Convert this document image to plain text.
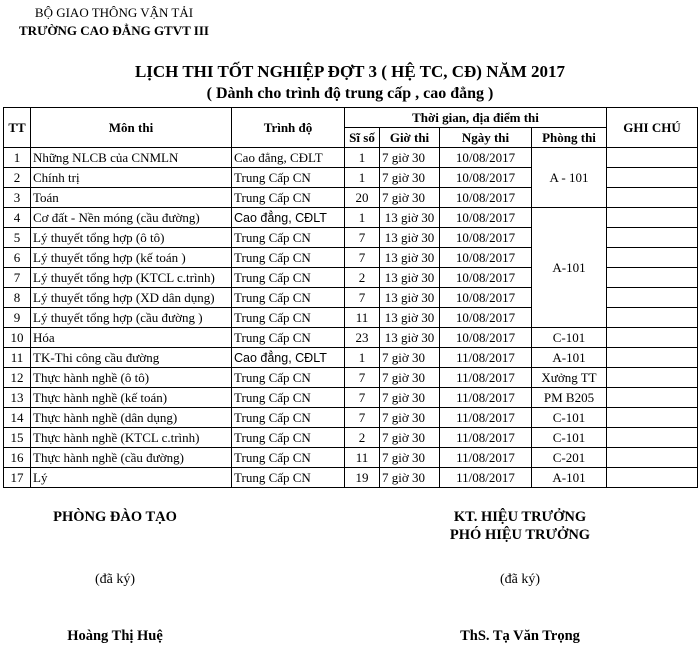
BỘ GIAO THÔNG VẬN TẢI
TRƯỜNG CAO ĐẲNG GTVT III
LỊCH THI TỐT NGHIỆP ĐỢT 3 ( HỆ TC, CĐ) NĂM 2017
( Dành cho trình độ trung cấp , cao đẳng )
TT	Môn thi	Trình độ	Thời gian, địa điểm thi				GHI CHÚ
			Sĩ số	Giờ thi	Ngày thi	Phòng thi	
1	Những NLCB của CNMLN	Cao đẳng, CĐLT	1	7 giờ 30	10/08/2017	A - 101	
2	Chính trị	Trung Cấp CN	1	7 giờ 30	10/08/2017		
3	Toán	Trung Cấp CN	20	7 giờ 30	10/08/2017		
4	Cơ đất - Nền móng (cầu đường)	Cao đẳng, CĐLT	1	13 giờ 30	10/08/2017	A-101	
5	Lý thuyết tổng hợp (ô tô)	Trung Cấp CN	7	13 giờ 30	10/08/2017		
6	Lý thuyết tổng hợp (kế toán )	Trung Cấp CN	7	13 giờ 30	10/08/2017		
7	Lý thuyết tổng hợp (KTCL c.trình)	Trung Cấp CN	2	13 giờ 30	10/08/2017		
8	Lý thuyết tổng hợp (XD dân dụng)	Trung Cấp CN	7	13 giờ 30	10/08/2017		
9	Lý thuyết tổng hợp (cầu đường )	Trung Cấp CN	11	13 giờ 30	10/08/2017		
10	Hóa	Trung Cấp CN	23	13 giờ 30	10/08/2017	C-101	
11	TK-Thi công cầu đường	Cao đẳng, CĐLT	1	7 giờ 30	11/08/2017	A-101	
12	Thực hành nghề (ô tô)	Trung Cấp CN	7	7 giờ 30	11/08/2017	Xưởng TT	
13	Thực hành nghề (kế toán)	Trung Cấp CN	7	7 giờ 30	11/08/2017	PM B205	
14	Thực hành nghề (dân dụng)	Trung Cấp CN	7	7 giờ 30	11/08/2017	C-101	
15	Thực hành nghề (KTCL c.trình)	Trung Cấp CN	2	7 giờ 30	11/08/2017	C-101	
16	Thực hành nghề (cầu đường)	Trung Cấp CN	11	7 giờ 30	11/08/2017	C-201	
17	Lý	Trung Cấp CN	19	7 giờ 30	11/08/2017	A-101	
PHÒNG ĐÀO TẠO
(đã ký)
Hoàng Thị Huệ
KT. HIỆU TRƯỞNG
PHÓ HIỆU TRƯỞNG
(đã ký)
ThS. Tạ Văn Trọng
